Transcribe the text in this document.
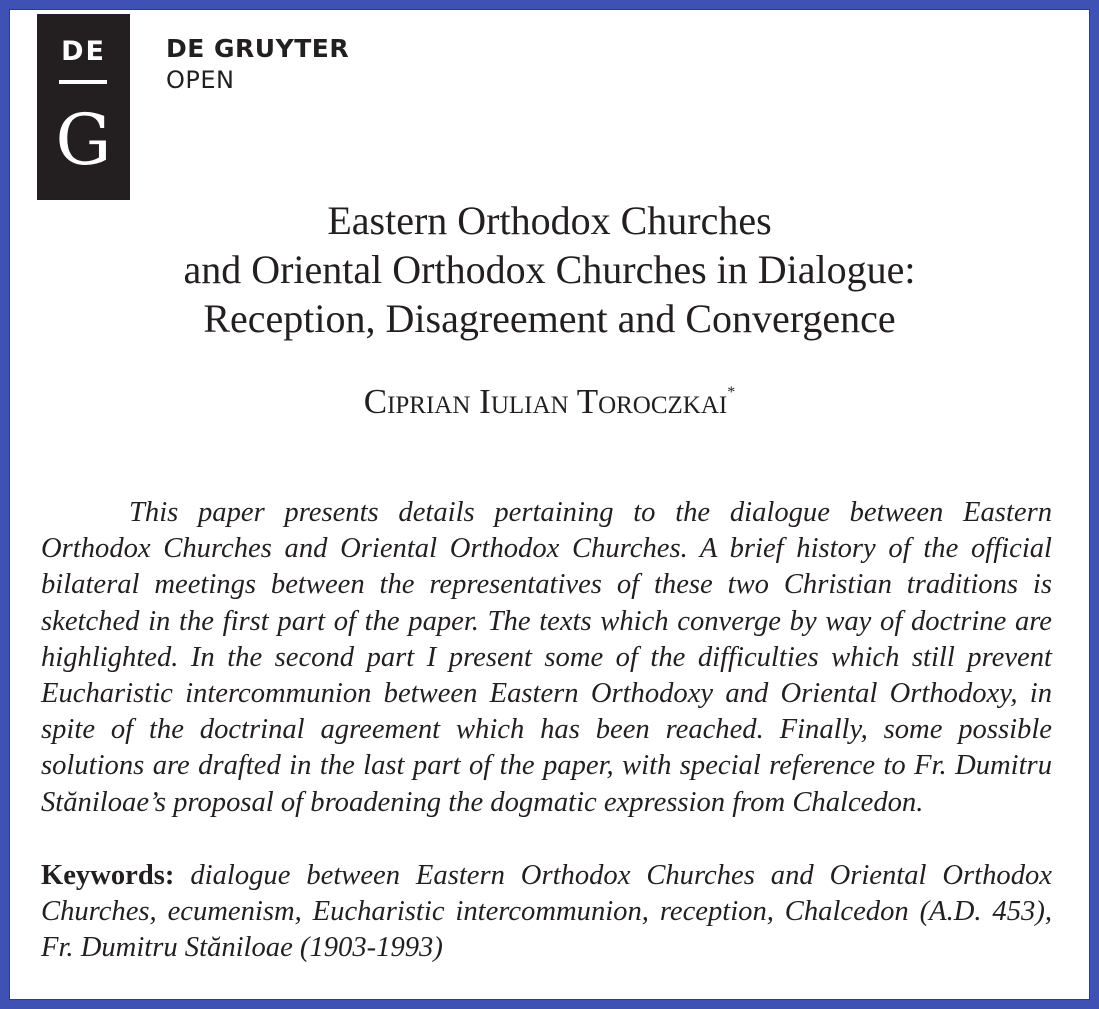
DE
G
DE GRUYTER
OPEN
Eastern Orthodox Churches
and Oriental Orthodox Churches in Dialogue:
Reception, Disagreement and Convergence
Ciprian Iulian Toroczkai*

This paper presents details pertaining to the dialogue between Eastern Orthodox Churches and Oriental Orthodox Churches. A brief history of the official bilateral meetings between the representatives of these two Christian traditions is sketched in the first part of the paper. The texts which converge by way of doctrine are highlighted. In the second part I present some of the difficulties which still prevent Eucharistic intercommunion between Eastern Orthodoxy and Oriental Orthodoxy, in spite of the doctrinal agreement which has been reached. Finally, some possible solutions are drafted in the last part of the paper, with special reference to Fr. Dumitru Stăniloae’s proposal of broadening the dogmatic expression from Chalcedon.

Keywords: dialogue between Eastern Orthodox Churches and Oriental Orthodox Churches, ecumenism, Eucharistic intercommunion, reception, Chalcedon (A.D. 453), Fr. Dumitru Stăniloae (1903-1993)
